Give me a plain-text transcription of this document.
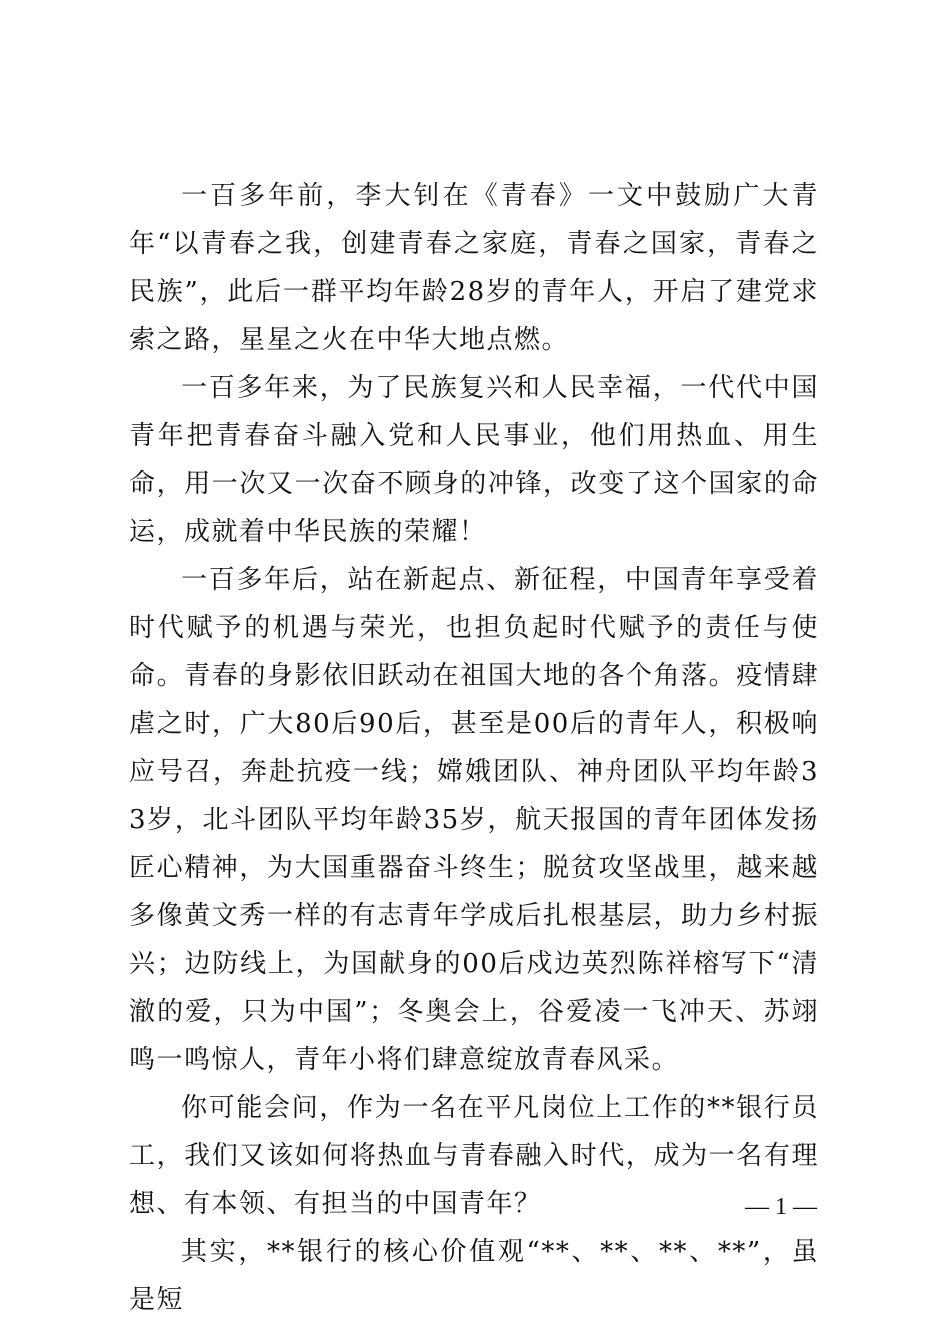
一百多年前，李大钊在《青春》一文中鼓励广大青年“以青春之我，创建青春之家庭，青春之国家，青春之民族”，此后一群平均年龄28岁的青年人，开启了建党求索之路，星星之火在中华大地点燃。

一百多年来，为了民族复兴和人民幸福，一代代中国青年把青春奋斗融入党和人民事业，他们用热血、用生命，用一次又一次奋不顾身的冲锋，改变了这个国家的命运，成就着中华民族的荣耀！

一百多年后，站在新起点、新征程，中国青年享受着时代赋予的机遇与荣光，也担负起时代赋予的责任与使命。青春的身影依旧跃动在祖国大地的各个角落。疫情肆虐之时，广大80后90后，甚至是00后的青年人，积极响应号召，奔赴抗疫一线；嫦娥团队、神舟团队平均年龄33岁，北斗团队平均年龄35岁，航天报国的青年团体发扬匠心精神，为大国重器奋斗终生；脱贫攻坚战里，越来越多像黄文秀一样的有志青年学成后扎根基层，助力乡村振兴；边防线上，为国献身的00后戍边英烈陈祥榕写下“清澈的爱，只为中国”；冬奥会上，谷爱凌一飞冲天、苏翊鸣一鸣惊人，青年小将们肆意绽放青春风采。

你可能会问，作为一名在平凡岗位上工作的**银行员工，我们又该如何将热血与青春融入时代，成为一名有理想、有本领、有担当的中国青年？

其实，**银行的核心价值观“**、**、**、**”，虽是短

— 1 —
